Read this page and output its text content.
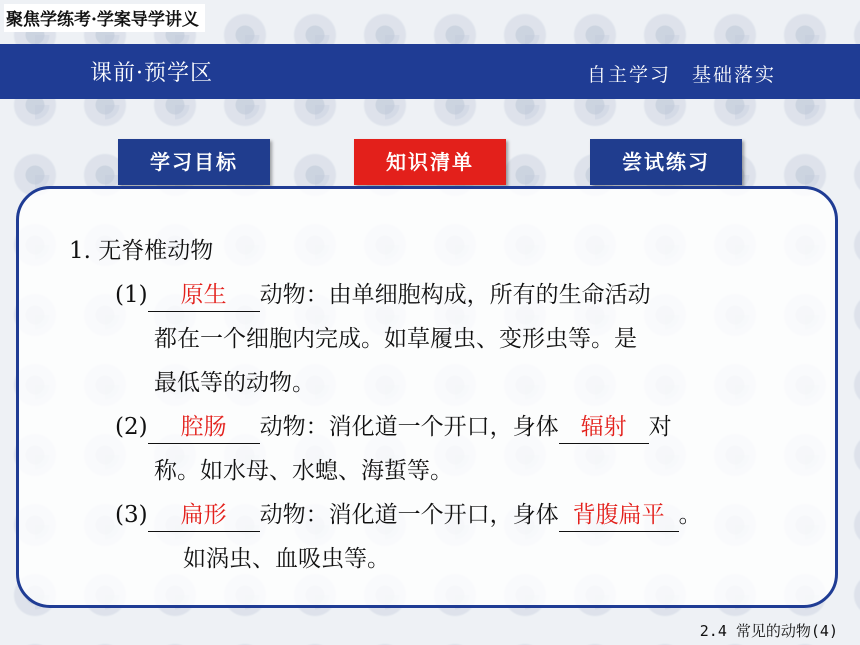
聚焦学练考·学案导学讲义
课前·预学区	自主学习　基础落实
学习目标	知识清单	尝试练习
1. 无脊椎动物
(1) 原生 动物：由单细胞构成，所有的生命活动
都在一个细胞内完成。如草履虫、变形虫等。是
最低等的动物。
(2) 腔肠 动物：消化道一个开口，身体 辐射 对
称。如水母、水螅、海蜇等。
(3) 扁形 动物：消化道一个开口，身体 背腹扁平 。
如涡虫、血吸虫等。
2.4 常见的动物(4)
